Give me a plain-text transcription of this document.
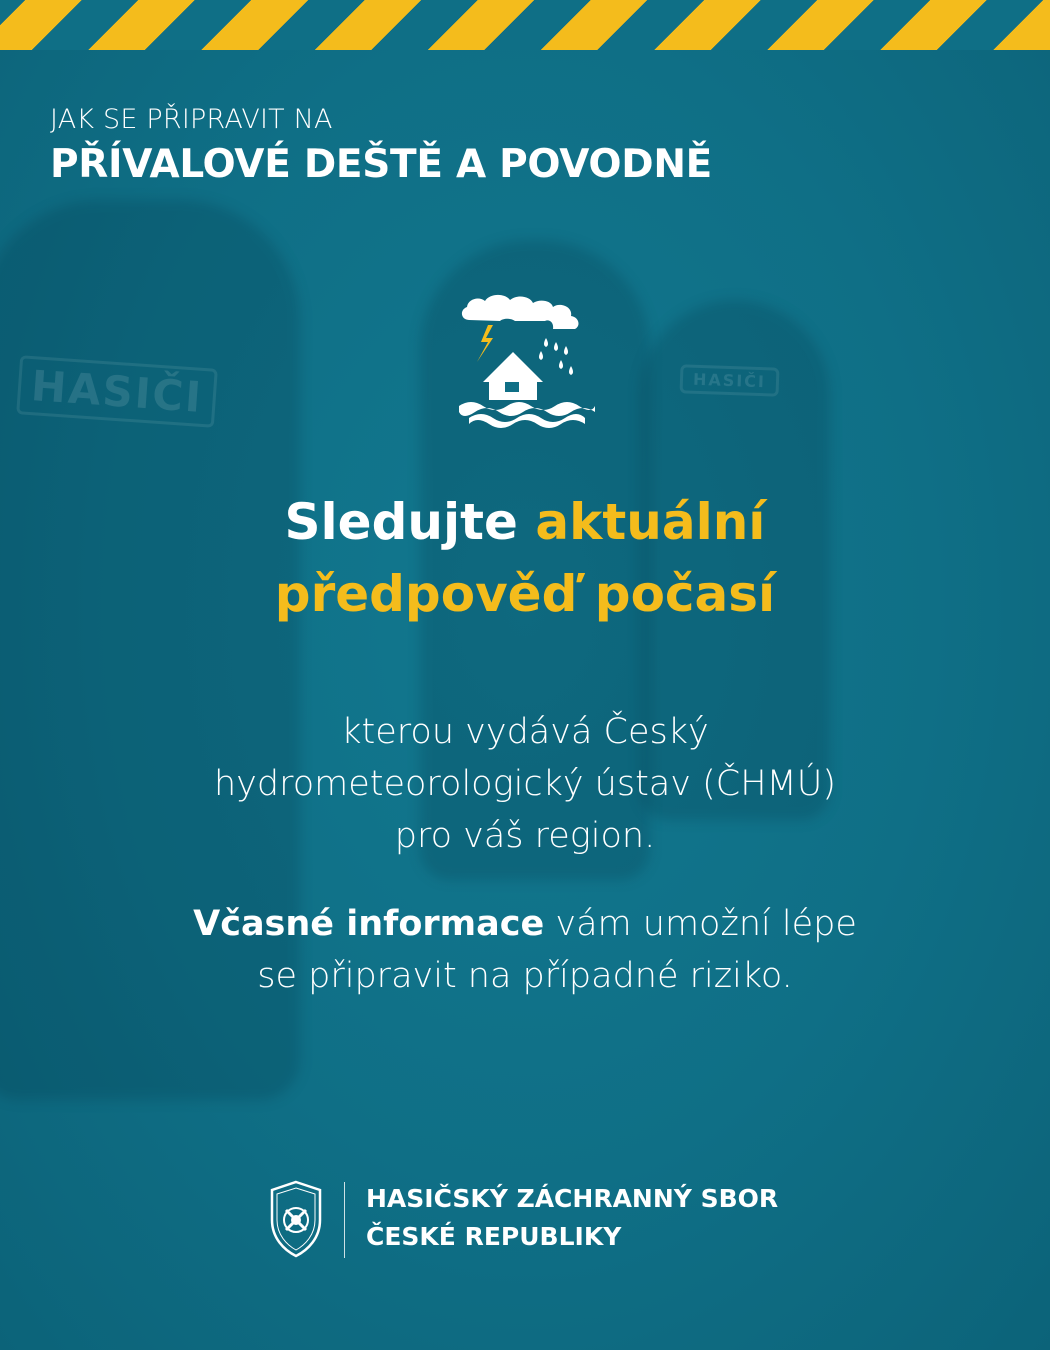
HASIČI	HASIČI

JAK SE PŘIPRAVIT NA

PŘÍVALOVÉ DEŠTĚ A POVODNĚ
Sledujte aktuální
předpověď počasí

kterou vydává Český
hydrometeorologický ústav (ČHMÚ)
pro váš region.

Včasné informace vám umožní lépe
se připravit na případné riziko.

HASIČSKÝ ZÁCHRANNÝ SBOR
ČESKÉ REPUBLIKY
